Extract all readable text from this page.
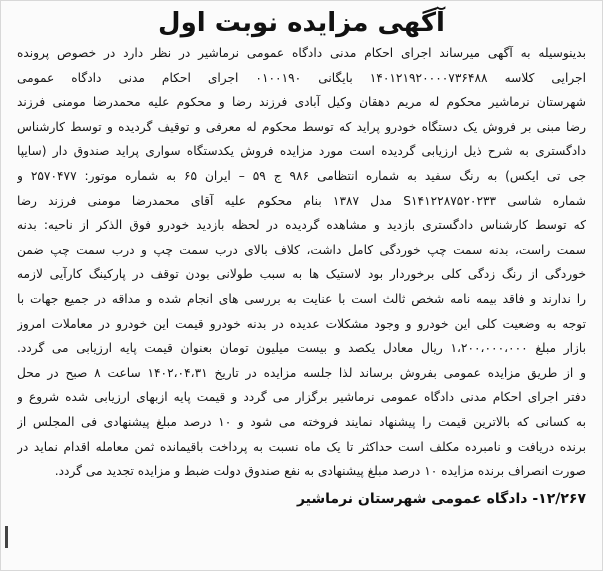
آگهی مزایده نوبت اول
بدینوسیله به آگهی میرساند اجرای احکام مدنی دادگاه عمومی نرماشیر در نظر دارد در خصوص پرونده
اجرایی کلاسه ۱۴۰۱۲۱۹۲۰۰۰۰۷۳۶۴۸۸ بایگانی ۰۱۰۰۱۹۰ اجرای احکام مدنی دادگاه عمومی
شهرستان نرماشیر محکوم له مریم دهقان وکیل آبادی فرزند رضا و محکوم علیه محمدرضا مومنی فرزند
رضا مبنی بر فروش یک دستگاه خودرو پراید که توسط محکوم له معرفی و توقیف گردیده و توسط کارشناس
دادگستری به شرح ذیل ارزیابی گردیده است مورد مزایده فروش یکدستگاه سواری پراید صندوق دار (سایپا
جی تی ایکس) به رنگ سفید به شماره انتظامی ۹۸۶ ج ۵۹ – ایران ۶۵ به شماره موتور: ۲۵۷۰۴۷۷ و
شماره شاسی S۱۴۱۲۲۸۷۵۲۰۲۳۳ مدل ۱۳۸۷ بنام محکوم علیه آقای محمدرضا مومنی فرزند رضا
که توسط کارشناس دادگستری بازدید و مشاهده گردیده در لحظه بازدید خودرو فوق الذکر از ناحیه: بدنه
سمت راست، بدنه سمت چپ خوردگی کامل داشت، کلاف بالای درب سمت چپ و درب سمت چپ ضمن
خوردگی از رنگ زدگی کلی برخوردار بود لاستیک ها به سبب طولانی بودن توقف در پارکینگ کارآیی لازمه
را ندارند و فاقد بیمه نامه شخص ثالث است با عنایت به بررسی های انجام شده و مداقه در جمیع جهات با
توجه به وضعیت کلی این خودرو و وجود مشکلات عدیده در بدنه خودرو قیمت این خودرو در معاملات امروز
بازار مبلغ ۱،۲۰۰،۰۰۰،۰۰۰ ریال معادل یکصد و بیست میلیون تومان بعنوان قیمت پایه ارزیابی می گردد.
و از طریق مزایده عمومی بفروش برساند لذا جلسه مزایده در تاریخ ۱۴۰۲،۰۴،۳۱ ساعت ۸ صبح در محل
دفتر اجرای احکام مدنی دادگاه عمومی نرماشیر برگزار می گردد و قیمت پایه ازبهای ارزیابی شده شروع و
به کسانی که بالاترین قیمت را پیشنهاد نمایند فروخته می شود و ۱۰ درصد مبلغ پیشنهادی فی المجلس از
برنده دریافت و نامبرده مکلف است حداکثر تا یک ماه نسبت به پرداخت باقیمانده ثمن معامله اقدام نماید در
صورت انصراف برنده مزایده ۱۰ درصد مبلغ پیشنهادی به نفع صندوق دولت ضبط و مزایده تجدید می گردد.
۱۲/۲۶۷- دادگاه عمومی شهرستان نرماشیر
